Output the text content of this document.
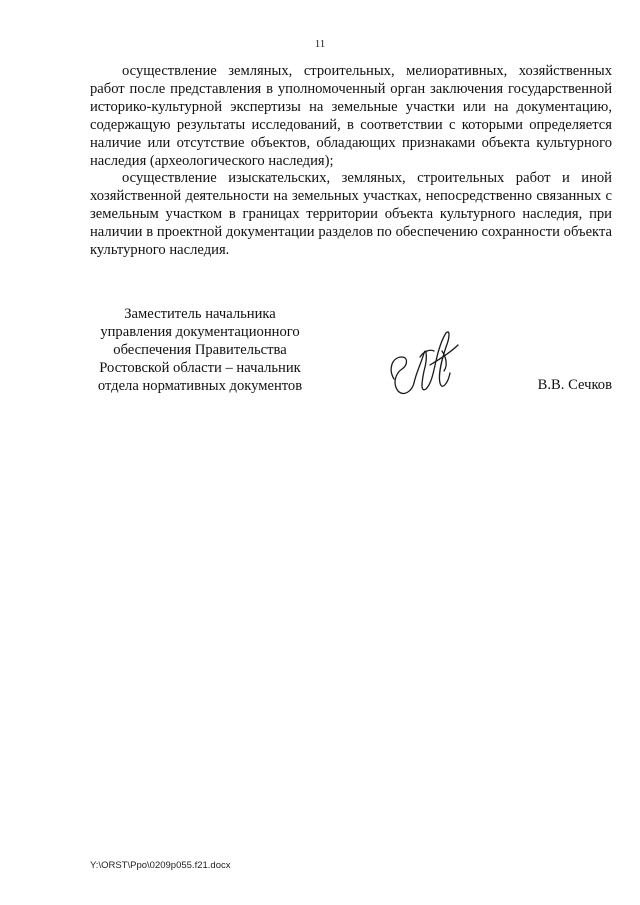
11

осуществление земляных, строительных, мелиоративных, хозяйственных работ после представления в уполномоченный орган заключения государственной историко-культурной экспертизы на земельные участки или на документацию, содержащую результаты исследований, в соответствии с которыми определяется наличие или отсутствие объектов, обладающих признаками объекта культурного наследия (археологического наследия);

осуществление изыскательских, земляных, строительных работ и иной хозяйственной деятельности на земельных участках, непосредственно связанных с земельным участком в границах территории объекта культурного наследия, при наличии в проектной документации разделов по обеспечению сохранности объекта культурного наследия.

Заместитель начальника
управления документационного
обеспечения Правительства
Ростовской области – начальник
отдела нормативных документов	В.В. Сечков
Y:\ORST\Ppo\0209p055.f21.docx
